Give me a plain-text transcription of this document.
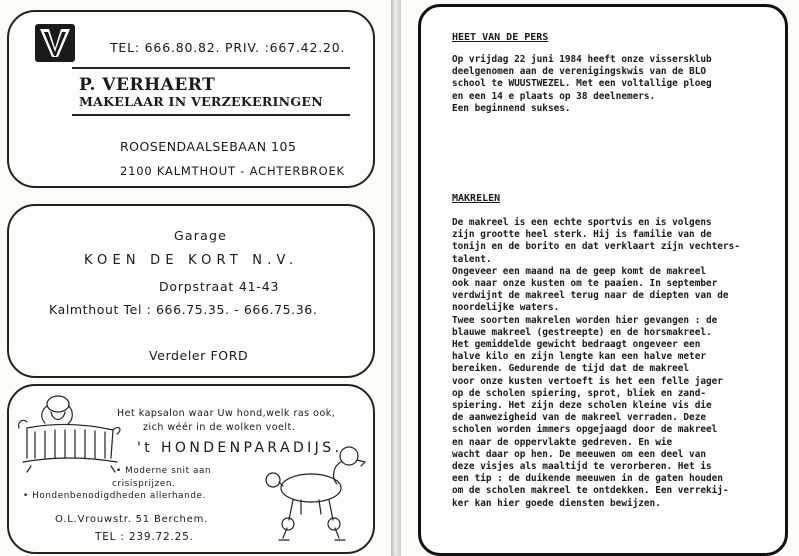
TEL: 666.80.82. PRIV. :667.42.20.
P. VERHAERT
MAKELAAR IN VERZEKERINGEN
ROOSENDAALSEBAAN 105
2100 KALMTHOUT - ACHTERBROEK
Garage
KOEN DE KORT N.V.
Dorpstraat 41-43
Kalmthout Tel : 666.75.35. - 666.75.36.
Verdeler FORD
Het kapsalon waar Uw hond,welk ras ook,
zich wéér in de wolken voelt.
't HONDENPARADIJS.
• Moderne snit aan
crisisprijzen.
• Hondenbenodigdheden allerhande.
O.L.Vrouwstr. 51 Berchem.
TEL : 239.72.25.
HEET VAN DE PERS
Op vrijdag 22 juni 1984 heeft onze vissersklub
deelgenomen aan de verenigingskwis van de BLO
school te WUUSTWEZEL. Met een voltallige ploeg
en een 14 e plaats op 38 deelnemers.
Een beginnend sukses.
MAKRELEN
De makreel is een echte sportvis en is volgens
zijn grootte heel sterk. Hij is familie van de
tonijn en de borito en dat verklaart zijn vechters-
talent.
Ongeveer een maand na de geep komt de makreel
ook naar onze kusten om te paaien. In september
verdwijnt de makreel terug naar de diepten van de
noordelijke waters.
Twee soorten makrelen worden hier gevangen : de
blauwe makreel (gestreepte) en de horsmakreel.
Het gemiddelde gewicht bedraagt ongeveer een
halve kilo en zijn lengte kan een halve meter
bereiken. Gedurende de tijd dat de makreel
voor onze kusten vertoeft is het een felle jager
op de scholen spiering, sprot, bliek en zand-
spiering. Het zijn deze scholen kleine vis die
de aanwezigheid van de makreel verraden. Deze
scholen worden immers opgejaagd door de makreel
en naar de oppervlakte gedreven. En wie
wacht daar op hen. De meeuwen om een deel van
deze visjes als maaltijd te verorberen. Het is
een tip : de duikende meeuwen in de gaten houden
om de scholen makreel te ontdekken. Een verrekij-
ker kan hier goede diensten bewijzen.
